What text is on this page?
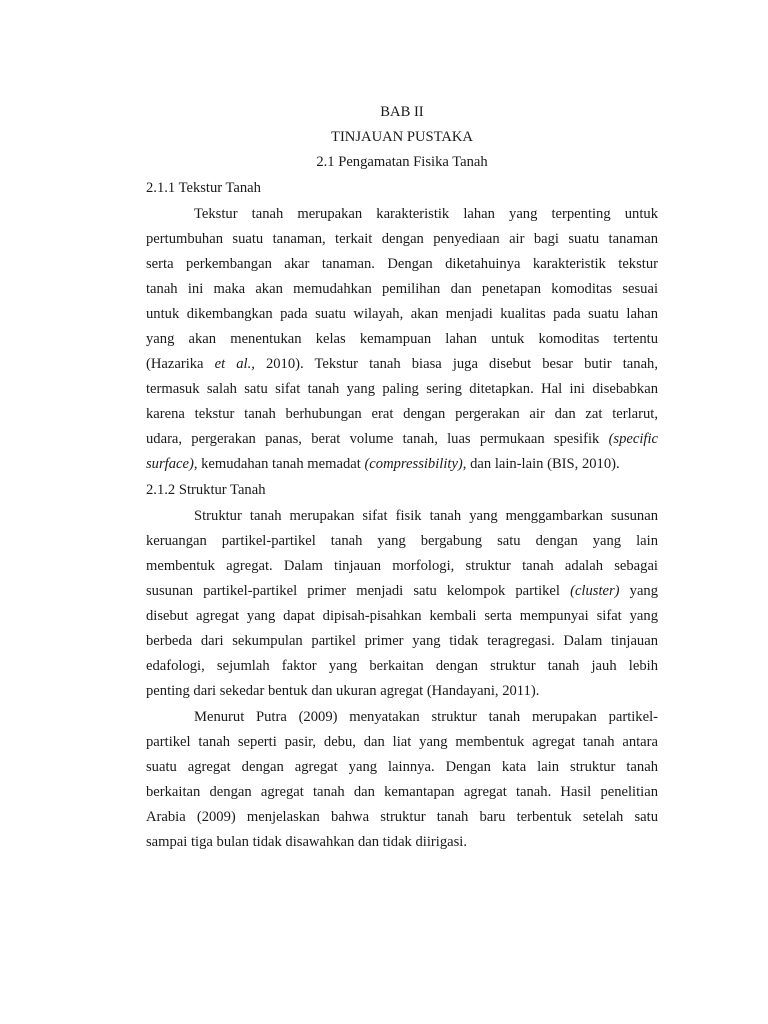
BAB II

TINJAUAN PUSTAKA

2.1 Pengamatan Fisika Tanah

2.1.1 Tekstur Tanah

Tekstur tanah merupakan karakteristik lahan yang terpenting untuk

pertumbuhan suatu tanaman, terkait dengan penyediaan air bagi suatu tanaman

serta perkembangan akar tanaman. Dengan diketahuinya karakteristik tekstur

tanah ini maka akan memudahkan pemilihan dan penetapan komoditas sesuai

untuk dikembangkan pada suatu wilayah, akan menjadi kualitas pada suatu lahan

yang akan menentukan kelas kemampuan lahan untuk komoditas tertentu

(Hazarika et al., 2010). Tekstur tanah biasa juga disebut besar butir tanah,

termasuk salah satu sifat tanah yang paling sering ditetapkan. Hal ini disebabkan

karena tekstur tanah berhubungan erat dengan pergerakan air dan zat terlarut,

udara, pergerakan panas, berat volume tanah, luas permukaan spesifik (specific

surface), kemudahan tanah memadat (compressibility), dan lain-lain (BIS, 2010).

2.1.2 Struktur Tanah

Struktur tanah merupakan sifat fisik tanah yang menggambarkan susunan

keruangan partikel-partikel tanah yang bergabung satu dengan yang lain

membentuk agregat. Dalam tinjauan morfologi, struktur tanah adalah sebagai

susunan partikel-partikel primer menjadi satu kelompok partikel (cluster) yang

disebut agregat yang dapat dipisah-pisahkan kembali serta mempunyai sifat yang

berbeda dari sekumpulan partikel primer yang tidak teragregasi. Dalam tinjauan

edafologi, sejumlah faktor yang berkaitan dengan struktur tanah jauh lebih

penting dari sekedar bentuk dan ukuran agregat (Handayani, 2011).

Menurut Putra (2009) menyatakan struktur tanah merupakan partikel-

partikel tanah seperti pasir, debu, dan liat yang membentuk agregat tanah antara

suatu agregat dengan agregat yang lainnya. Dengan kata lain struktur tanah

berkaitan dengan agregat tanah dan kemantapan agregat tanah. Hasil penelitian

Arabia (2009) menjelaskan bahwa struktur tanah baru terbentuk setelah satu

sampai tiga bulan tidak disawahkan dan tidak diirigasi.
